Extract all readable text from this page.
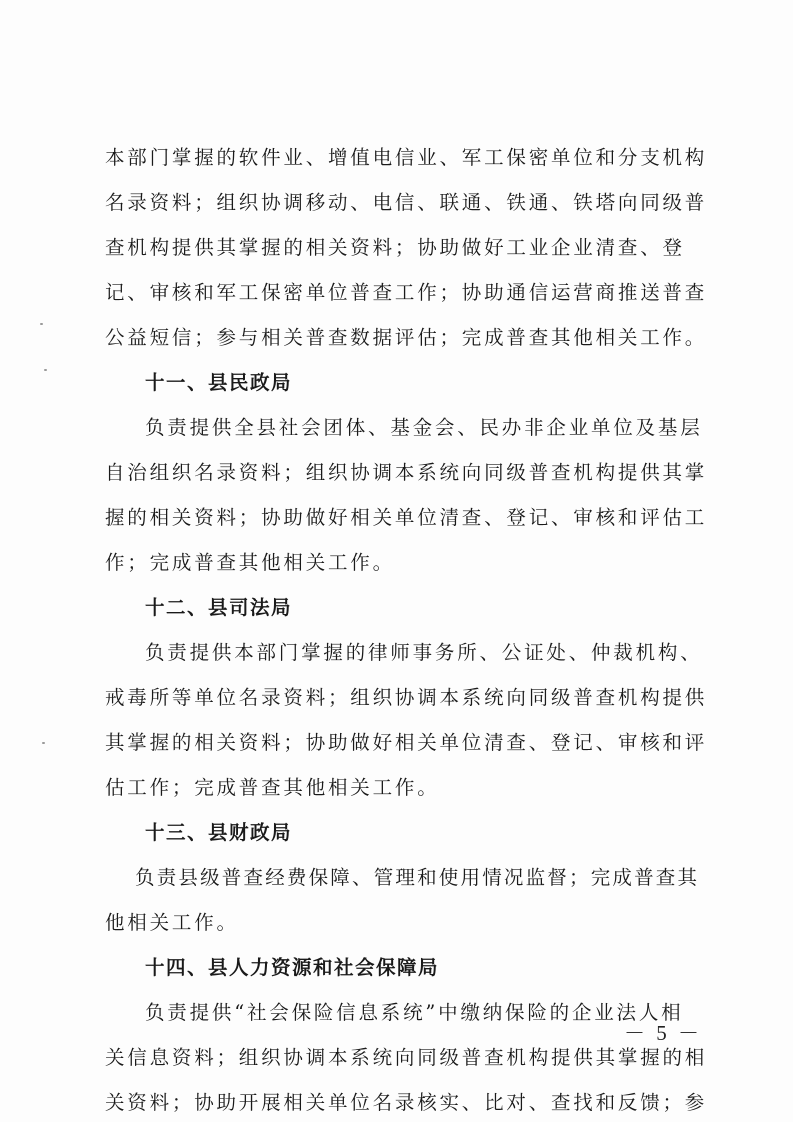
本部门掌握的软件业、增值电信业、军工保密单位和分支机构
名录资料；组织协调移动、电信、联通、铁通、铁塔向同级普
查机构提供其掌握的相关资料；协助做好工业企业清查、登
记、审核和军工保密单位普查工作；协助通信运营商推送普查
公益短信；参与相关普查数据评估；完成普查其他相关工作。
十一、县民政局
负责提供全县社会团体、基金会、民办非企业单位及基层
自治组织名录资料；组织协调本系统向同级普查机构提供其掌
握的相关资料；协助做好相关单位清查、登记、审核和评估工
作；完成普查其他相关工作。
十二、县司法局
负责提供本部门掌握的律师事务所、公证处、仲裁机构、
戒毒所等单位名录资料；组织协调本系统向同级普查机构提供
其掌握的相关资料；协助做好相关单位清查、登记、审核和评
估工作；完成普查其他相关工作。
十三、县财政局
负责县级普查经费保障、管理和使用情况监督；完成普查其
他相关工作。
十四、县人力资源和社会保障局
负责提供“社会保险信息系统”中缴纳保险的企业法人相
关信息资料；组织协调本系统向同级普查机构提供其掌握的相
关资料；协助开展相关单位名录核实、比对、查找和反馈；参
－ 5 －
